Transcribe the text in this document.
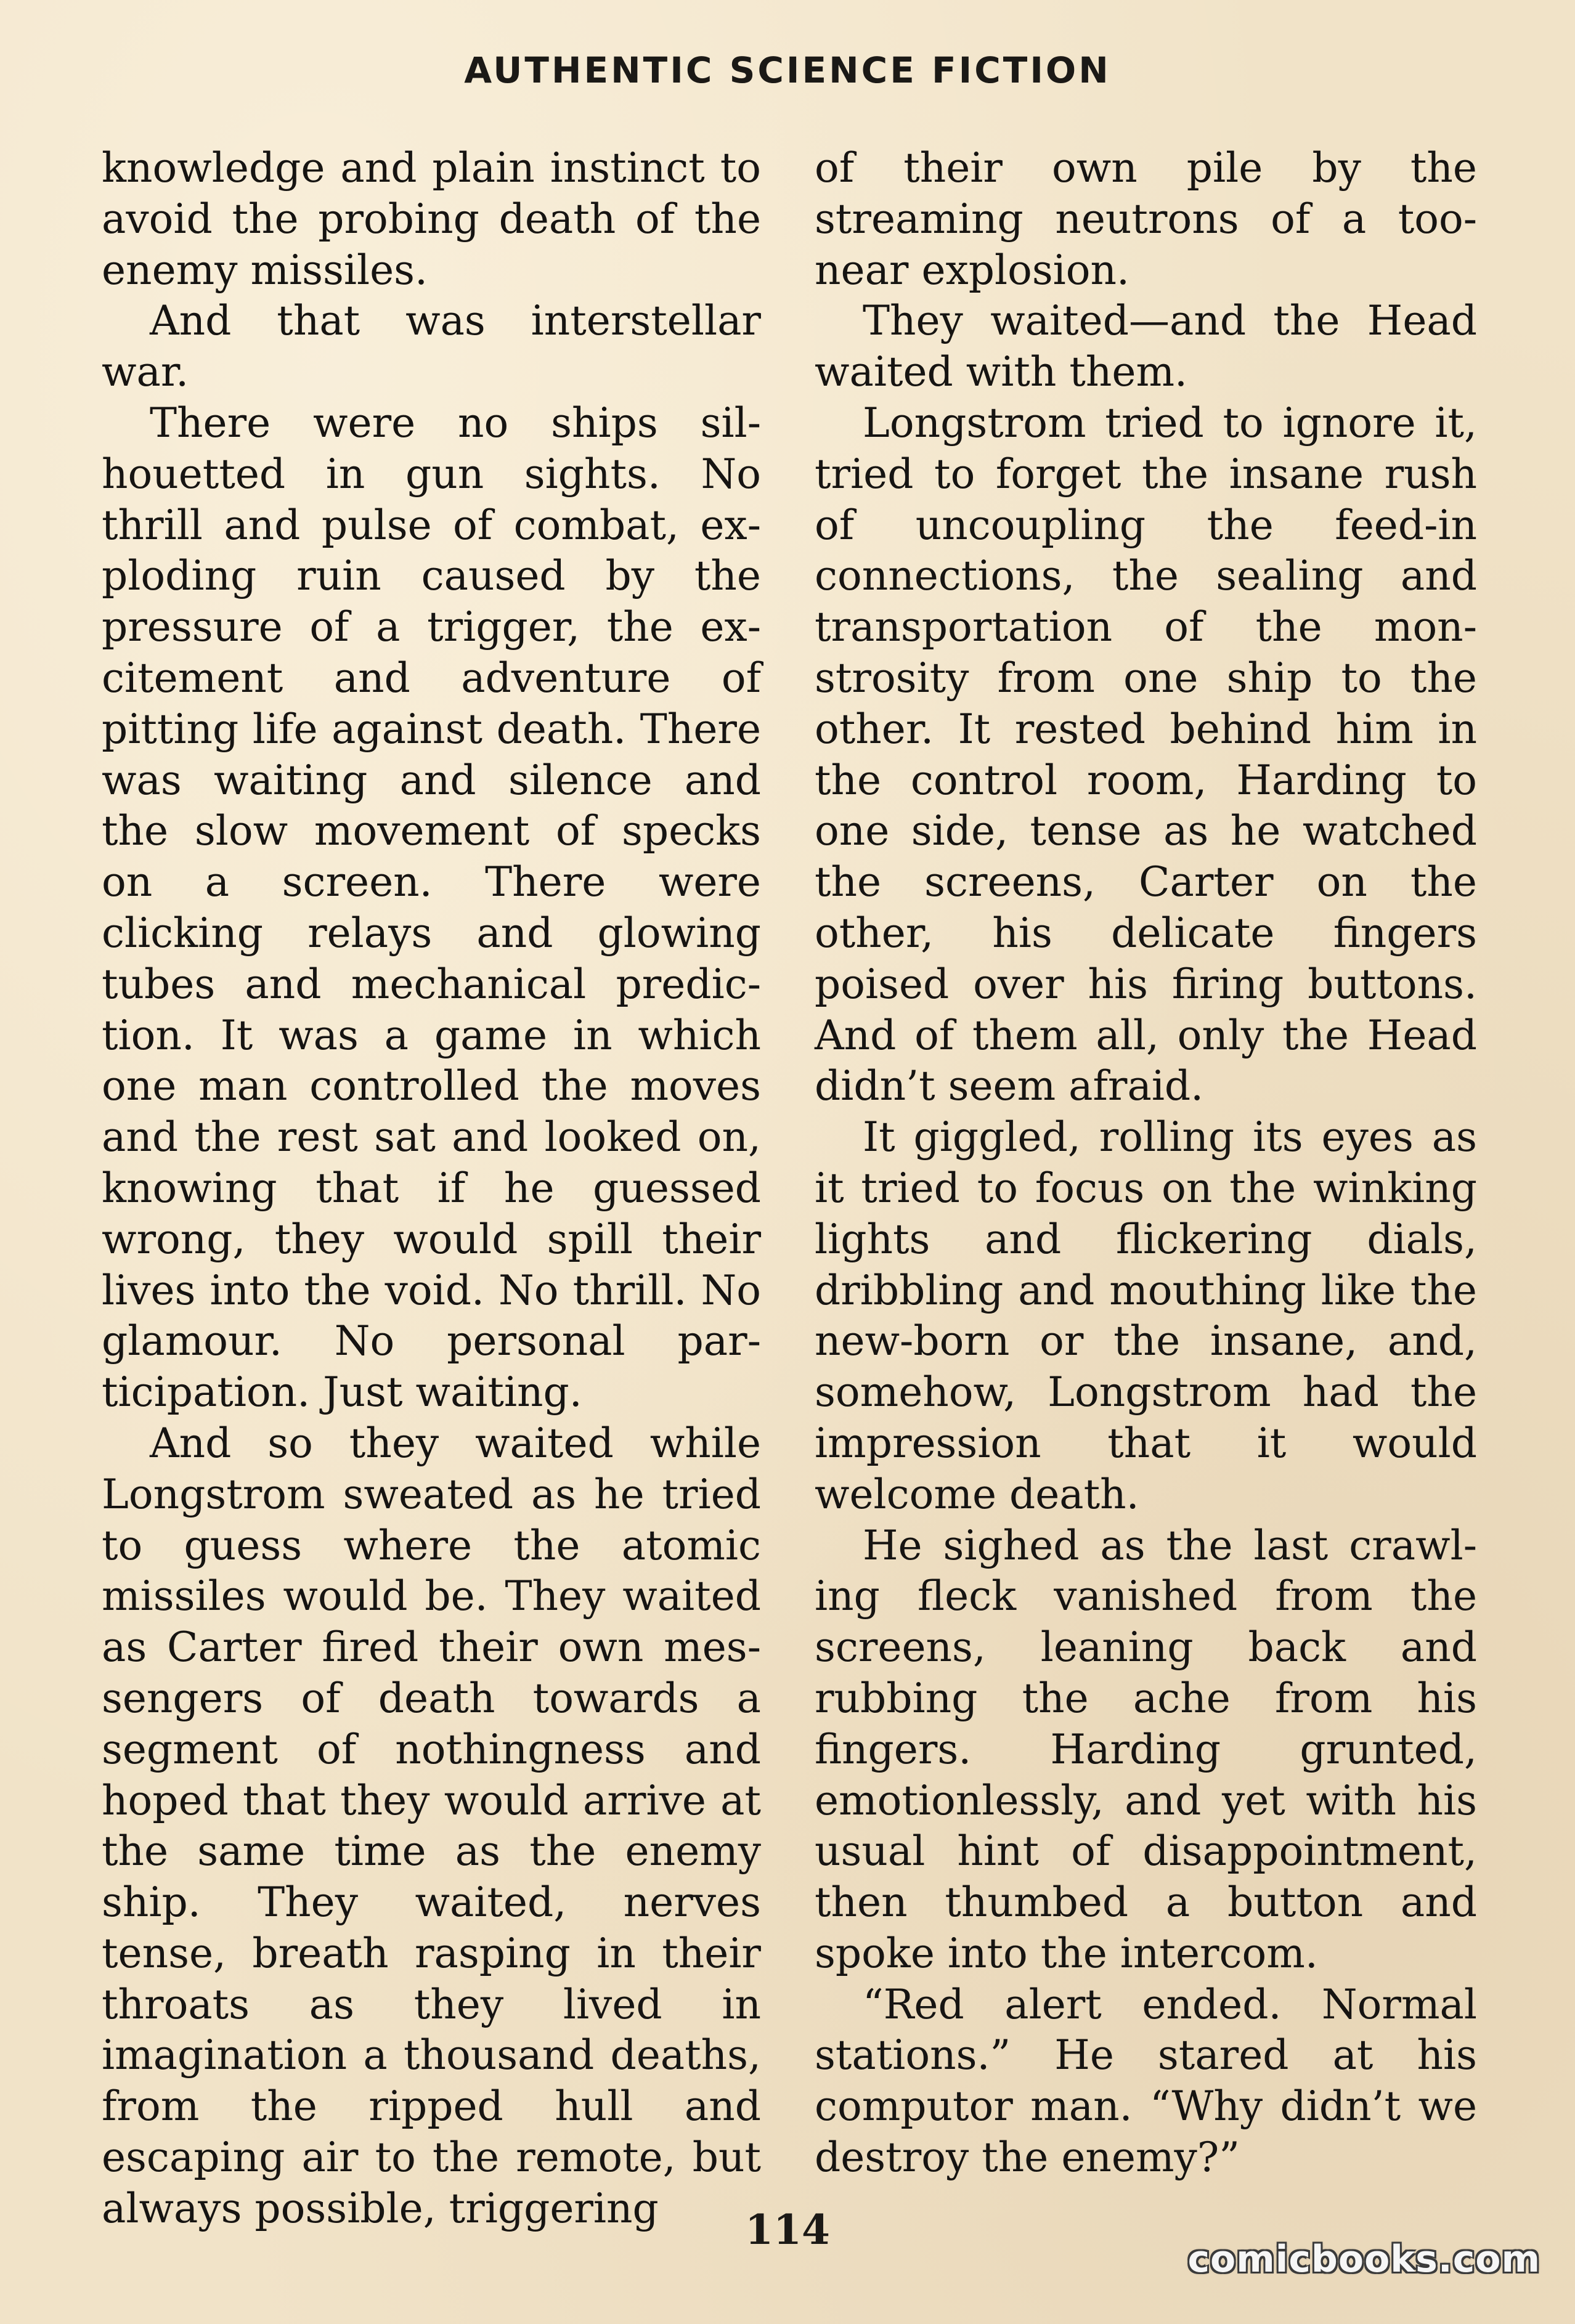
AUTHENTIC SCIENCE FICTION

knowledge and plain instinct to avoid the probing death of the enemy missiles.

And that was interstellar war.

There were no ships silhouetted in gun sights. No thrill and pulse of combat, exploding ruin caused by the pressure of a trigger, the excitement and adventure of pitting life against death. There was waiting and silence and the slow movement of specks on a screen. There were clicking relays and glowing tubes and mechanical prediction. It was a game in which one man controlled the moves and the rest sat and looked on, knowing that if he guessed wrong, they would spill their lives into the void. No thrill. No glamour. No personal participation. Just waiting.

And so they waited while Longstrom sweated as he tried to guess where the atomic missiles would be. They waited as Carter fired their own messengers of death towards a segment of nothingness and hoped that they would arrive at the same time as the enemy ship. They waited, nerves tense, breath rasping in their throats as they lived in imagination a thousand deaths, from the ripped hull and escaping air to the remote, but always possible, triggering

of their own pile by the streaming neutrons of a too-near explosion.

They waited—and the Head waited with them.

Longstrom tried to ignore it, tried to forget the insane rush of uncoupling the feed-in connections, the sealing and transportation of the monstrosity from one ship to the other. It rested behind him in the control room, Harding to one side, tense as he watched the screens, Carter on the other, his delicate fingers poised over his firing buttons. And of them all, only the Head didn’t seem afraid.

It giggled, rolling its eyes as it tried to focus on the winking lights and flickering dials, dribbling and mouthing like the new-born or the insane, and, somehow, Longstrom had the impression that it would welcome death.

He sighed as the last crawling fleck vanished from the screens, leaning back and rubbing the ache from his fingers. Harding grunted, emotionlessly, and yet with his usual hint of disappointment, then thumbed a button and spoke into the intercom.

“Red alert ended. Normal stations.” He stared at his computor man. “Why didn’t we destroy the enemy?”

114
comicbooks.com
